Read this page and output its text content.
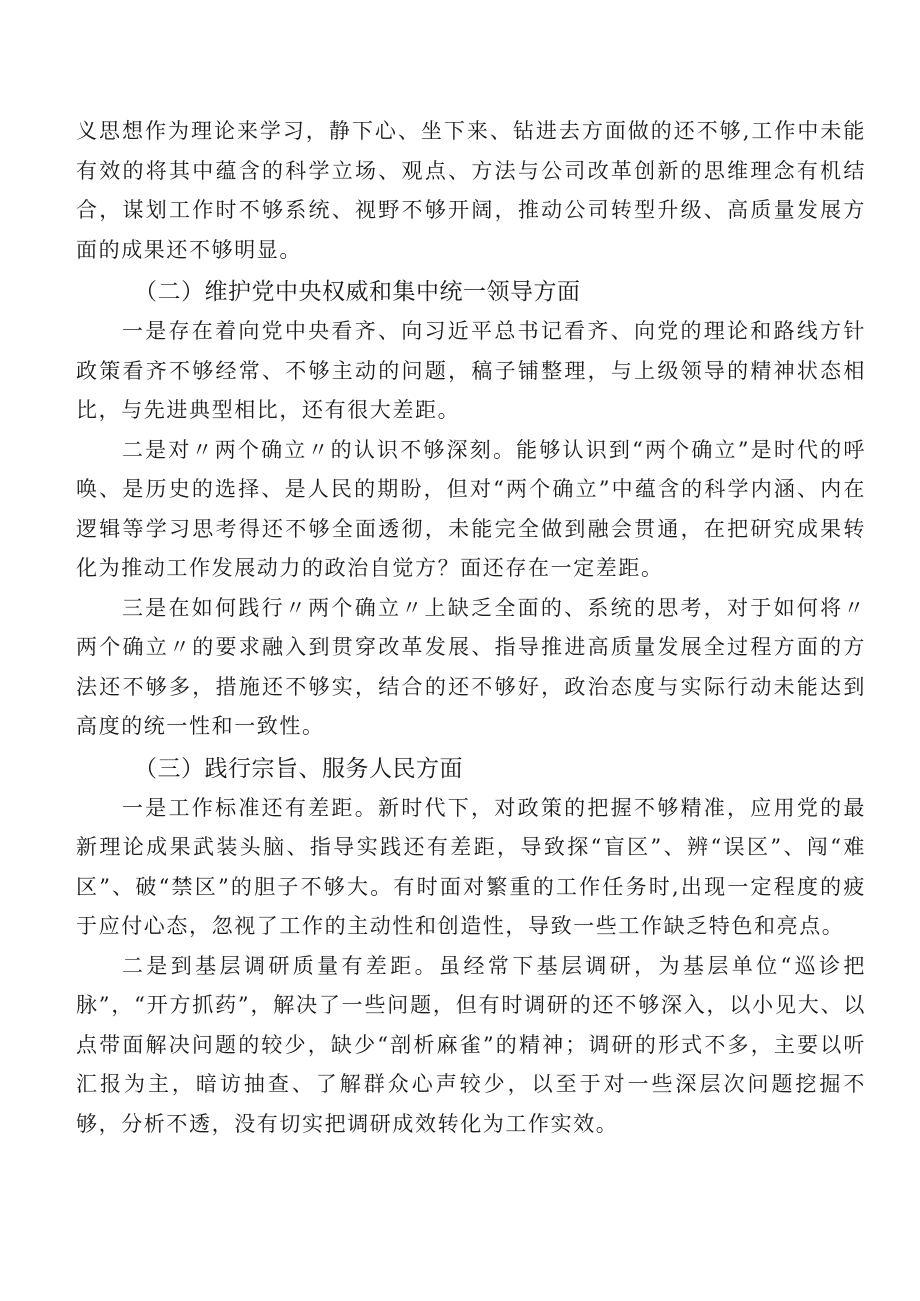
义思想作为理论来学习，静下心、坐下来、钻进去方面做的还不够,工作中未能有效的将其中蕴含的科学立场、观点、方法与公司改革创新的思维理念有机结合，谋划工作时不够系统、视野不够开阔，推动公司转型升级、高质量发展方面的成果还不够明显。

（二）维护党中央权威和集中统一领导方面

一是存在着向党中央看齐、向习近平总书记看齐、向党的理论和路线方针政策看齐不够经常、不够主动的问题，稿子铺整理，与上级领导的精神状态相比，与先进典型相比，还有很大差距。

二是对〃两个确立〃的认识不够深刻。能够认识到“两个确立”是时代的呼唤、是历史的选择、是人民的期盼，但对“两个确立”中蕴含的科学内涵、内在逻辑等学习思考得还不够全面透彻，未能完全做到融会贯通，在把研究成果转化为推动工作发展动力的政治自觉方？面还存在一定差距。

三是在如何践行〃两个确立〃上缺乏全面的、系统的思考，对于如何将〃两个确立〃的要求融入到贯穿改革发展、指导推进高质量发展全过程方面的方法还不够多，措施还不够实，结合的还不够好，政治态度与实际行动未能达到高度的统一性和一致性。

（三）践行宗旨、服务人民方面

一是工作标准还有差距。新时代下，对政策的把握不够精准，应用党的最新理论成果武装头脑、指导实践还有差距，导致探“盲区”、辨“误区”、闯“难区”、破“禁区”的胆子不够大。有时面对繁重的工作任务时,出现一定程度的疲于应付心态，忽视了工作的主动性和创造性，导致一些工作缺乏特色和亮点。

二是到基层调研质量有差距。虽经常下基层调研，为基层单位“巡诊把脉”，“开方抓药”，解决了一些问题，但有时调研的还不够深入，以小见大、以点带面解决问题的较少，缺少“剖析麻雀”的精神；调研的形式不多，主要以听汇报为主，暗访抽查、了解群众心声较少，以至于对一些深层次问题挖掘不够，分析不透，没有切实把调研成效转化为工作实效。
